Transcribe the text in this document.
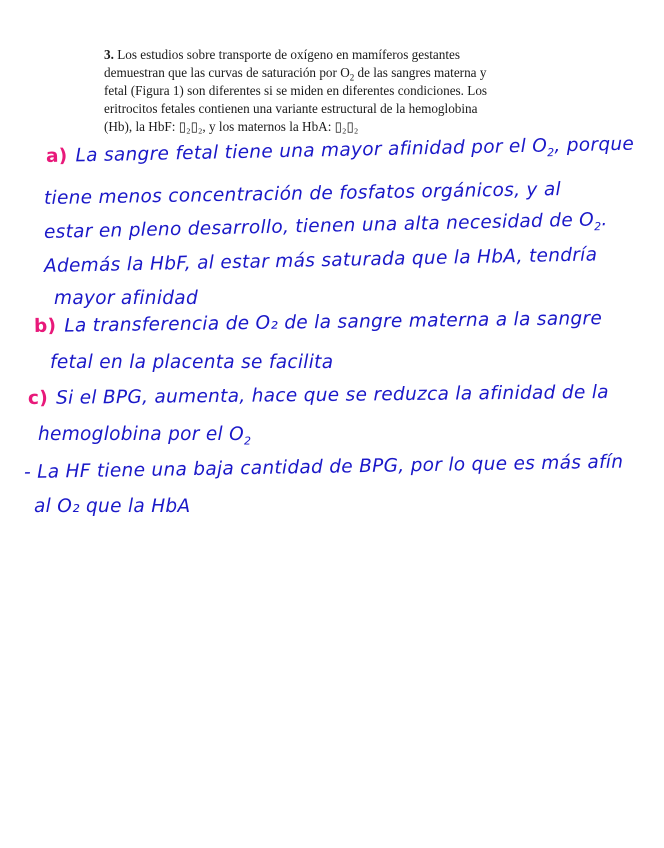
3. Los estudios sobre transporte de oxígeno en mamíferos gestantes

demuestran que las curvas de saturación por $O_2$ de las sangres materna y

fetal (Figura 1) son diferentes si se miden en diferentes condiciones. Los

eritrocitos fetales contienen una variante estructural de la hemoglobina

(Hb), la HbF: ▯₂▯₂, y los maternos la HbA: ▯₂▯₂

a) La sangre fetal tiene una mayor afinidad por el $O_2$, porque
tiene menos concentración de fosfatos orgánicos, y al
estar en pleno desarrollo, tienen una alta necesidad de $O_2$.
Además la HbF, al estar más saturada que la HbA, tendría
mayor afinidad
b) La transferencia de O₂ de la sangre materna a la sangre
fetal en la placenta se facilita
c) Si el BPG, aumenta, hace que se reduzca la afinidad de la
hemoglobina por el $O_2$
- La HF tiene una baja cantidad de BPG, por lo que es más afín
al O₂ que la HbA
